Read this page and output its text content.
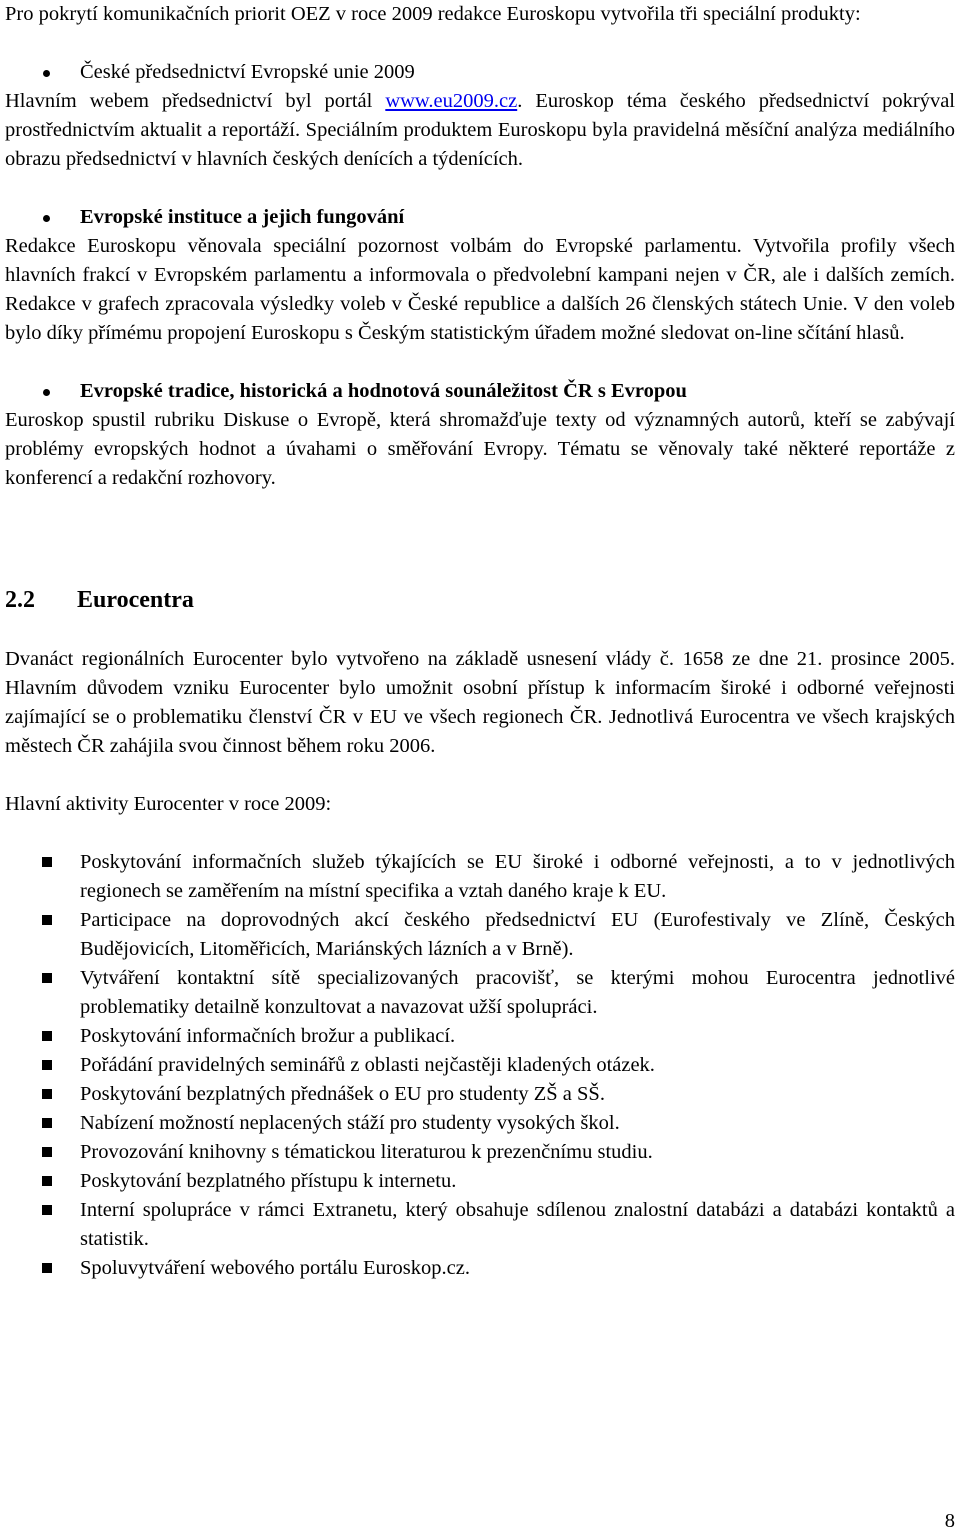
Pro pokrytí komunikačních priorit OEZ v roce 2009 redakce Euroskopu vytvořila tři speciální produkty:

České předsednictví Evropské unie 2009

Hlavním webem předsednictví byl portál www.eu2009.cz. Euroskop téma českého předsednictví pokrýval prostřednictvím aktualit a reportáží. Speciálním produktem Euroskopu byla pravidelná měsíční analýza mediálního obrazu předsednictví v hlavních českých denících a týdenících.

Evropské instituce a jejich fungování

Redakce Euroskopu věnovala speciální pozornost volbám do Evropské parlamentu. Vytvořila profily všech hlavních frakcí v Evropském parlamentu a informovala o předvolební kampani nejen v ČR, ale i dalších zemích. Redakce v grafech zpracovala výsledky voleb v České republice a dalších 26 členských státech Unie. V den voleb bylo díky přímému propojení Euroskopu s Českým statistickým úřadem možné sledovat on-line sčítání hlasů.

Evropské tradice, historická a hodnotová sounáležitost ČR s Evropou

Euroskop spustil rubriku Diskuse o Evropě, která shromažďuje texty od významných autorů, kteří se zabývají problémy evropských hodnot a úvahami o směřování Evropy. Tématu se věnovaly také některé reportáže z konferencí a redakční rozhovory.

2.2	Eurocentra

Dvanáct regionálních Eurocenter bylo vytvořeno na základě usnesení vlády č. 1658 ze dne 21. prosince 2005. Hlavním důvodem vzniku Eurocenter bylo umožnit osobní přístup k informacím široké i odborné veřejnosti zajímající se o problematiku členství ČR v EU ve všech regionech ČR. Jednotlivá Eurocentra ve všech krajských městech ČR zahájila svou činnost během roku 2006.

Hlavní aktivity Eurocenter v roce 2009:

Poskytování informačních služeb týkajících se EU široké i odborné veřejnosti, a to v jednotlivých regionech se zaměřením na místní specifika a vztah daného kraje k EU.
Participace na doprovodných akcí českého předsednictví EU (Eurofestivaly ve Zlíně, Českých Budějovicích, Litoměřicích, Mariánských lázních a v Brně).
Vytváření kontaktní sítě specializovaných pracovišť, se kterými mohou Eurocentra jednotlivé problematiky detailně konzultovat a navazovat užší spolupráci.
Poskytování informačních brožur a publikací.
Pořádání pravidelných seminářů z oblasti nejčastěji kladených otázek.
Poskytování bezplatných přednášek o EU pro studenty ZŠ a SŠ.
Nabízení možností neplacených stáží pro studenty vysokých škol.
Provozování knihovny s tématickou literaturou k prezenčnímu studiu.
Poskytování bezplatného přístupu k internetu.
Interní spolupráce v rámci Extranetu, který obsahuje sdílenou znalostní databázi a databázi kontaktů a statistik.
Spoluvytváření webového portálu Euroskop.cz.
8
